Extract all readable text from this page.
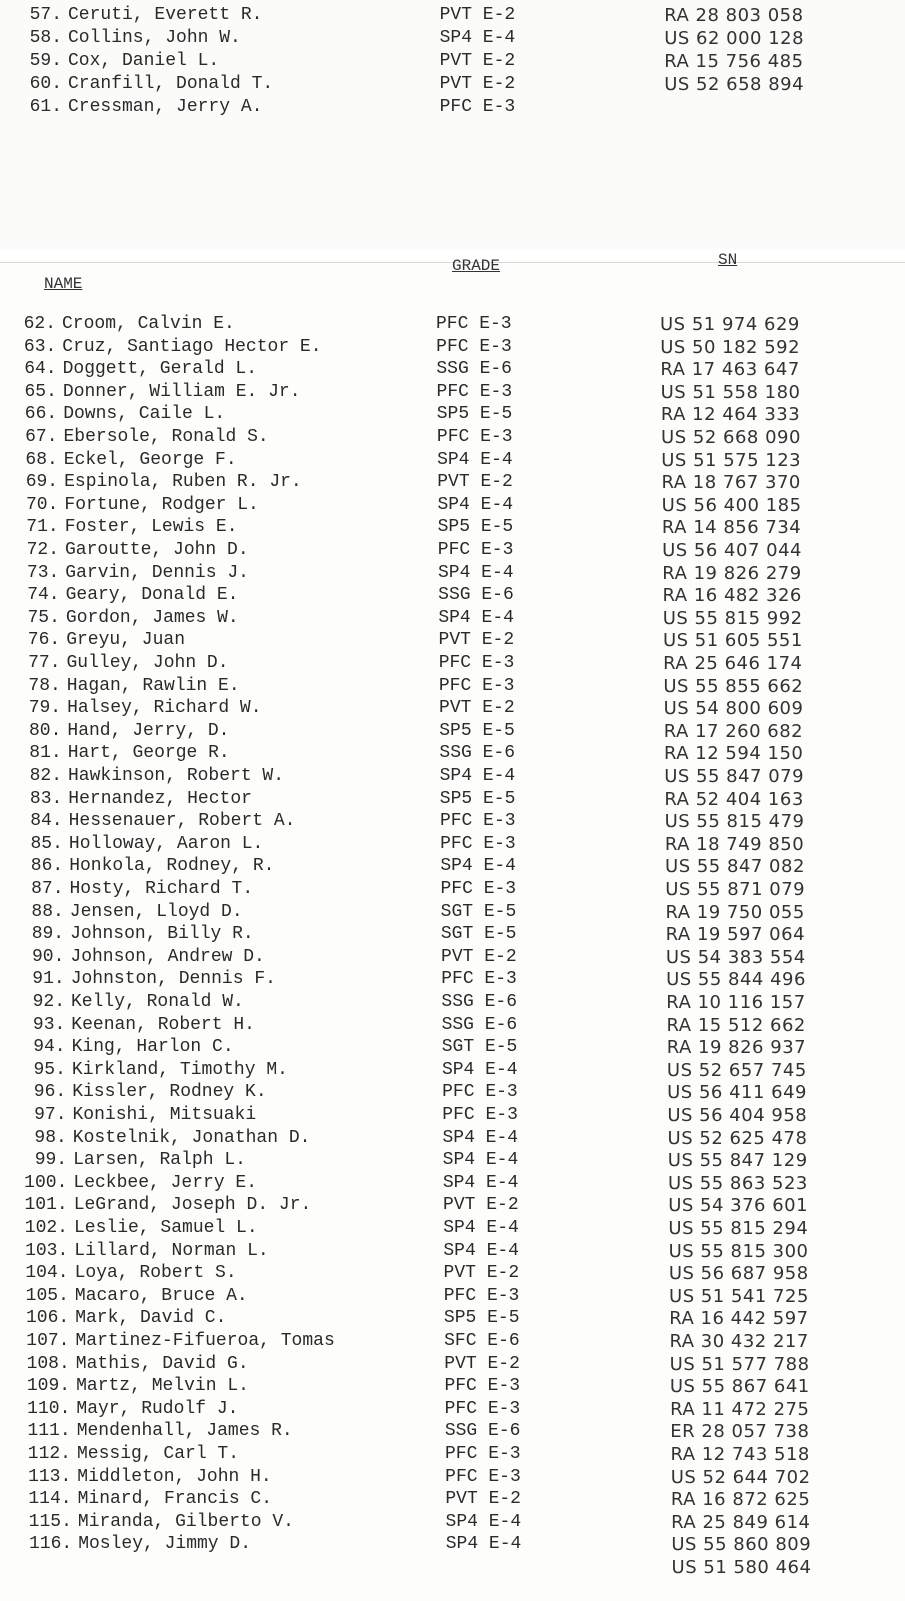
57. Ceruti, Everett R.	PVT E-2	RA 28 803 058
58. Collins, John W.	SP4 E-4	US 62 000 128
59. Cox, Daniel L.	PVT E-2	RA 15 756 485
60. Cranfill, Donald T.	PVT E-2	US 52 658 894
61. Cressman, Jerry A.	PFC E-3
NAME
GRADE	SN
62. Croom, Calvin E.	PFC E-3	US 51 974 629
63. Cruz, Santiago Hector E.	PFC E-3	US 50 182 592
64. Doggett, Gerald L.	SSG E-6	RA 17 463 647
65. Donner, William E. Jr.	PFC E-3	US 51 558 180
66. Downs, Caile L.	SP5 E-5	RA 12 464 333
67. Ebersole, Ronald S.	PFC E-3	US 52 668 090
68. Eckel, George F.	SP4 E-4	US 51 575 123
69. Espinola, Ruben R. Jr.	PVT E-2	RA 18 767 370
70. Fortune, Rodger L.	SP4 E-4	US 56 400 185
71. Foster, Lewis E.	SP5 E-5	RA 14 856 734
72. Garoutte, John D.	PFC E-3	US 56 407 044
73. Garvin, Dennis J.	SP4 E-4	RA 19 826 279
74. Geary, Donald E.	SSG E-6	RA 16 482 326
75. Gordon, James W.	SP4 E-4	US 55 815 992
76. Greyu, Juan	PVT E-2	US 51 605 551
77. Gulley, John D.	PFC E-3	RA 25 646 174
78. Hagan, Rawlin E.	PFC E-3	US 55 855 662
79. Halsey, Richard W.	PVT E-2	US 54 800 609
80. Hand, Jerry, D.	SP5 E-5	RA 17 260 682
81. Hart, George R.	SSG E-6	RA 12 594 150
82. Hawkinson, Robert W.	SP4 E-4	US 55 847 079
83. Hernandez, Hector	SP5 E-5	RA 52 404 163
84. Hessenauer, Robert A.	PFC E-3	US 55 815 479
85. Holloway, Aaron L.	PFC E-3	RA 18 749 850
86. Honkola, Rodney, R.	SP4 E-4	US 55 847 082
87. Hosty, Richard T.	PFC E-3	US 55 871 079
88. Jensen, Lloyd D.	SGT E-5	RA 19 750 055
89. Johnson, Billy R.	SGT E-5	RA 19 597 064
90. Johnson, Andrew D.	PVT E-2	US 54 383 554
91. Johnston, Dennis F.	PFC E-3	US 55 844 496
92. Kelly, Ronald W.	SSG E-6	RA 10 116 157
93. Keenan, Robert H.	SSG E-6	RA 15 512 662
94. King, Harlon C.	SGT E-5	RA 19 826 937
95. Kirkland, Timothy M.	SP4 E-4	US 52 657 745
96. Kissler, Rodney K.	PFC E-3	US 56 411 649
97. Konishi, Mitsuaki	PFC E-3	US 56 404 958
98. Kostelnik, Jonathan D.	SP4 E-4	US 52 625 478
99. Larsen, Ralph L.	SP4 E-4	US 55 847 129
100. Leckbee, Jerry E.	SP4 E-4	US 55 863 523
101. LeGrand, Joseph D. Jr.	PVT E-2	US 54 376 601
102. Leslie, Samuel L.	SP4 E-4	US 55 815 294
103. Lillard, Norman L.	SP4 E-4	US 55 815 300
104. Loya, Robert S.	PVT E-2	US 56 687 958
105. Macaro, Bruce A.	PFC E-3	US 51 541 725
106. Mark, David C.	SP5 E-5	RA 16 442 597
107. Martinez-Fifueroa, Tomas	SFC E-6	RA 30 432 217
108. Mathis, David G.	PVT E-2	US 51 577 788
109. Martz, Melvin L.	PFC E-3	US 55 867 641
110. Mayr, Rudolf J.	PFC E-3	RA 11 472 275
111. Mendenhall, James R.	SSG E-6	ER 28 057 738
112. Messig, Carl T.	PFC E-3	RA 12 743 518
113. Middleton, John H.	PFC E-3	US 52 644 702
114. Minard, Francis C.	PVT E-2	RA 16 872 625
115. Miranda, Gilberto V.	SP4 E-4	RA 25 849 614
116. Mosley, Jimmy D.	SP4 E-4	US 55 860 809
US 51 580 464
